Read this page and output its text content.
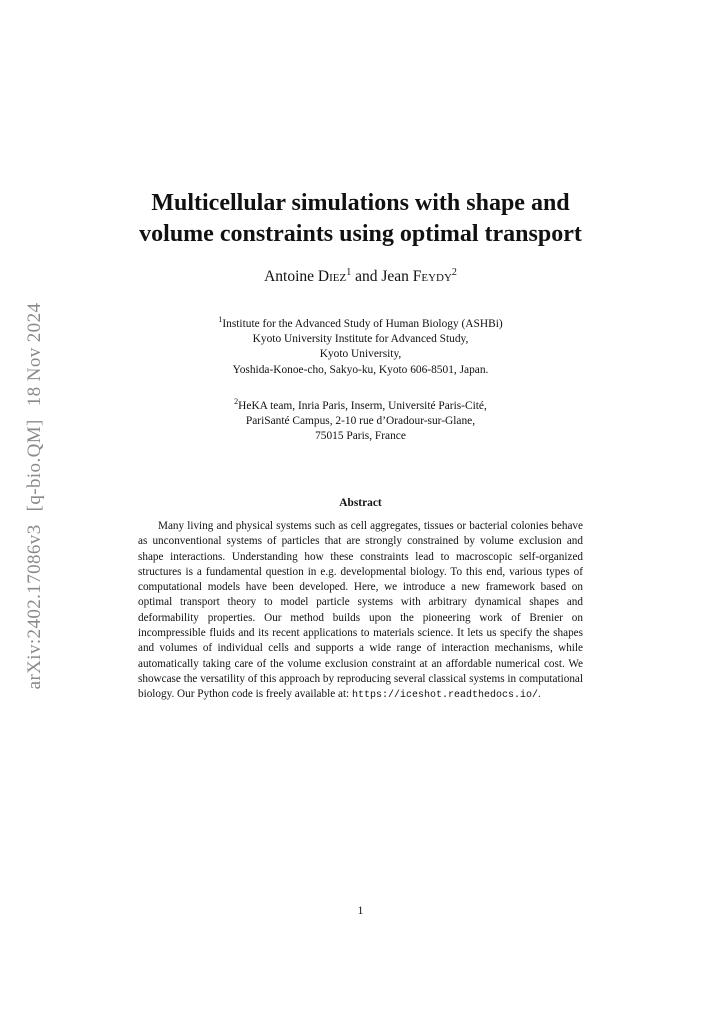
arXiv:2402.17086v3[q-bio.QM]18 Nov 2024
Multicellular simulations with shape and
volume constraints using optimal transport
Antoine Diez$^1$ and Jean Feydy$^2$
$^1$Institute for the Advanced Study of Human Biology (ASHBi)
Kyoto University Institute for Advanced Study,
Kyoto University,
Yoshida-Konoe-cho, Sakyo-ku, Kyoto 606-8501, Japan.
$^2$HeKA team, Inria Paris, Inserm, Université Paris-Cité,
PariSanté Campus, 2-10 rue d’Oradour-sur-Glane,
75015 Paris, France
Abstract

Many living and physical systems such as cell aggregates, tissues or bacterial colonies behave as unconventional systems of particles that are strongly constrained by volume exclusion and shape interactions. Understanding how these constraints lead to macroscopic self-organized structures is a fundamental question in e.g. developmental biology. To this end, various types of computational models have been developed. Here, we introduce a new framework based on optimal transport theory to model particle systems with arbitrary dynamical shapes and deformability properties. Our method builds upon the pioneering work of Brenier on incompressible fluids and its recent applications to materials science. It lets us specify the shapes and volumes of individual cells and supports a wide range of interaction mechanisms, while automatically taking care of the volume exclusion constraint at an affordable numerical cost. We showcase the versatility of this approach by reproducing several classical systems in computational biology. Our Python code is freely available at: https://iceshot.readthedocs.io/.

1
